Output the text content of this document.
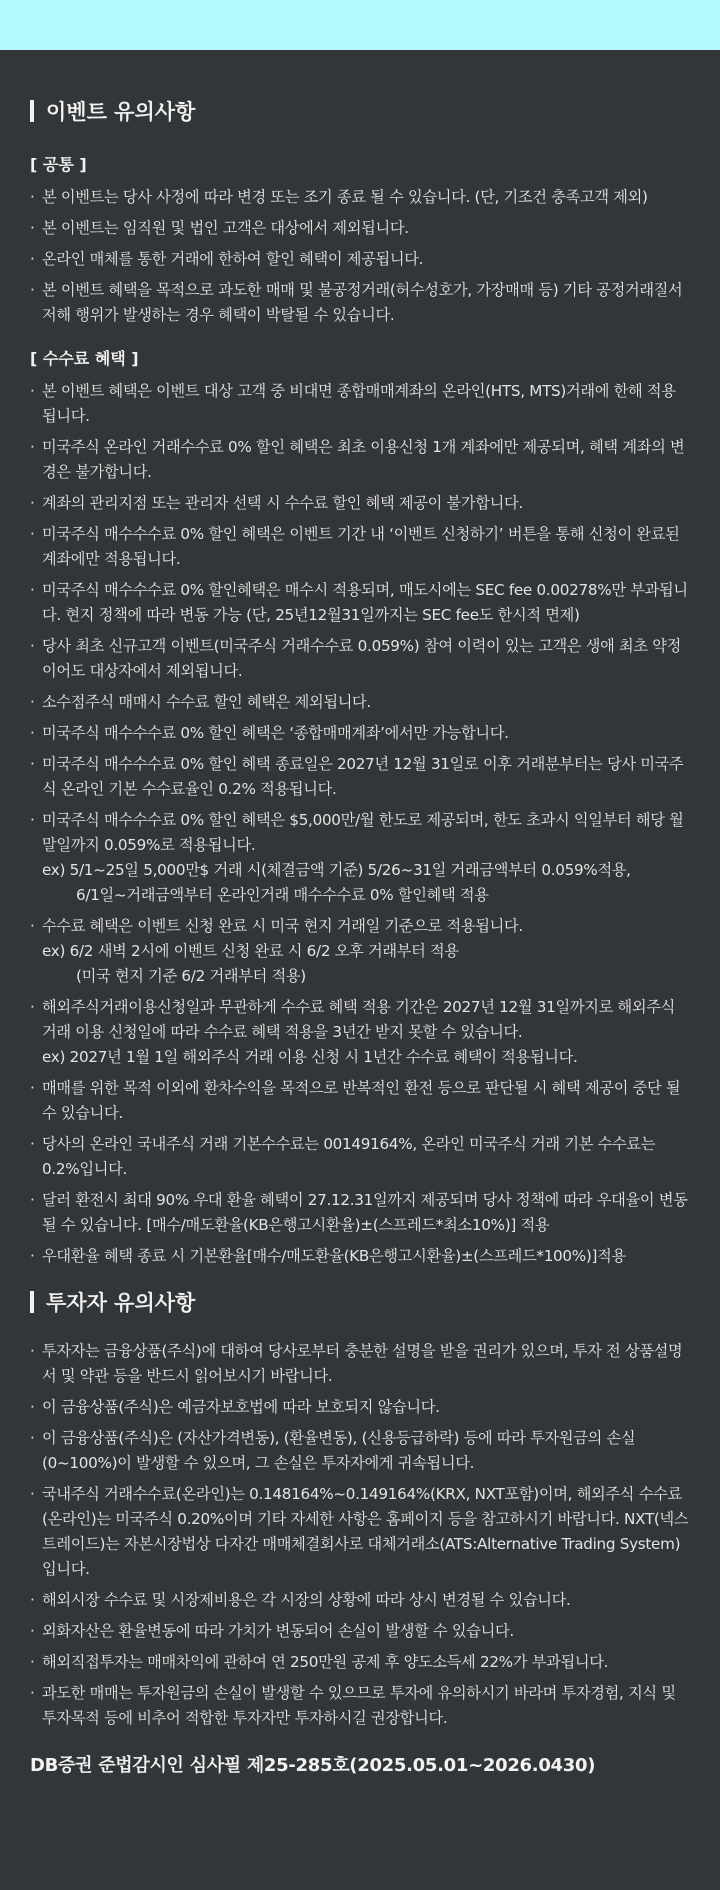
이벤트 유의사항
[ 공통 ]
· 본 이벤트는 당사 사정에 따라 변경 또는 조기 종료 될 수 있습니다. (단, 기조건 충족고객 제외)
· 본 이벤트는 임직원 및 법인 고객은 대상에서 제외됩니다.
· 온라인 매체를 통한 거래에 한하여 할인 혜택이 제공됩니다.
· 본 이벤트 혜택을 목적으로 과도한 매매 및 불공정거래(허수성호가, 가장매매 등) 기타 공정거래질서 저해 행위가 발생하는 경우 혜택이 박탈될 수 있습니다.
[ 수수료 혜택 ]
· 본 이벤트 혜택은 이벤트 대상 고객 중 비대면 종합매매계좌의 온라인(HTS, MTS)거래에 한해 적용됩니다.
· 미국주식 온라인 거래수수료 0% 할인 혜택은 최초 이용신청 1개 계좌에만 제공되며, 혜택 계좌의 변경은 불가합니다.
· 계좌의 관리지점 또는 관리자 선택 시 수수료 할인 혜택 제공이 불가합니다.
· 미국주식 매수수수료 0% 할인 혜택은 이벤트 기간 내 ‘이벤트 신청하기’ 버튼을 통해 신청이 완료된 계좌에만 적용됩니다.
· 미국주식 매수수수료 0% 할인혜택은 매수시 적용되며, 매도시에는 SEC fee 0.00278%만 부과됩니다. 현지 정책에 따라 변동 가능 (단, 25년12월31일까지는 SEC fee도 한시적 면제)
· 당사 최초 신규고객 이벤트(미국주식 거래수수료 0.059%) 참여 이력이 있는 고객은 생애 최초 약정이어도 대상자에서 제외됩니다.
· 소수점주식 매매시 수수료 할인 혜택은 제외됩니다.
· 미국주식 매수수수료 0% 할인 혜택은 ‘종합매매계좌’에서만 가능합니다.
· 미국주식 매수수수료 0% 할인 혜택 종료일은 2027년 12월 31일로 이후 거래분부터는 당사 미국주식 온라인 기본 수수료율인 0.2% 적용됩니다.
· 미국주식 매수수수료 0% 할인 혜택은 $5,000만/월 한도로 제공되며, 한도 초과시 익일부터 해당 월 말일까지 0.059%로 적용됩니다.
ex) 5/1~25일 5,000만$ 거래 시(체결금액 기준) 5/26~31일 거래금액부터 0.059%적용,
6/1일~거래금액부터 온라인거래 매수수수료 0% 할인혜택 적용
· 수수료 혜택은 이벤트 신청 완료 시 미국 현지 거래일 기준으로 적용됩니다.
ex) 6/2 새벽 2시에 이벤트 신청 완료 시 6/2 오후 거래부터 적용
(미국 현지 기준 6/2 거래부터 적용)
· 해외주식거래이용신청일과 무관하게 수수료 혜택 적용 기간은 2027년 12월 31일까지로 해외주식 거래 이용 신청일에 따라 수수료 혜택 적용을 3년간 받지 못할 수 있습니다.
ex) 2027년 1월 1일 해외주식 거래 이용 신청 시 1년간 수수료 혜택이 적용됩니다.
· 매매를 위한 목적 이외에 환차수익을 목적으로 반복적인 환전 등으로 판단될 시 혜택 제공이 중단 될 수 있습니다.
· 당사의 온라인 국내주식 거래 기본수수료는 00149164%, 온라인 미국주식 거래 기본 수수료는 0.2%입니다.
· 달러 환전시 최대 90% 우대 환율 혜택이 27.12.31일까지 제공되며 당사 정책에 따라 우대율이 변동 될 수 있습니다. [매수/매도환율(KB은행고시환율)±(스프레드*최소10%)] 적용
· 우대환율 혜택 종료 시 기본환율[매수/매도환율(KB은행고시환율)±(스프레드*100%)]적용
투자자 유의사항
· 투자자는 금융상품(주식)에 대하여 당사로부터 충분한 설명을 받을 권리가 있으며, 투자 전 상품설명서 및 약관 등을 반드시 읽어보시기 바랍니다.
· 이 금융상품(주식)은 예금자보호법에 따라 보호되지 않습니다.
· 이 금융상품(주식)은 (자산가격변동), (환율변동), (신용등급하락) 등에 따라 투자원금의 손실(0~100%)이 발생할 수 있으며, 그 손실은 투자자에게 귀속됩니다.
· 국내주식 거래수수료(온라인)는 0.148164%~0.149164%(KRX, NXT포함)이며, 해외주식 수수료(온라인)는 미국주식 0.20%이며 기타 자세한 사항은 홈페이지 등을 참고하시기 바랍니다. NXT(넥스트레이드)는 자본시장법상 다자간 매매체결회사로 대체거래소(ATS:Alternative Trading System)입니다.
· 해외시장 수수료 및 시장제비용은 각 시장의 상황에 따라 상시 변경될 수 있습니다.
· 외화자산은 환율변동에 따라 가치가 변동되어 손실이 발생할 수 있습니다.
· 해외직접투자는 매매차익에 관하여 연 250만원 공제 후 양도소득세 22%가 부과됩니다.
· 과도한 매매는 투자원금의 손실이 발생할 수 있으므로 투자에 유의하시기 바라며 투자경험, 지식 및 투자목적 등에 비추어 적합한 투자자만 투자하시길 권장합니다.
DB증권 준법감시인 심사필 제25-285호(2025.05.01~2026.0430)
